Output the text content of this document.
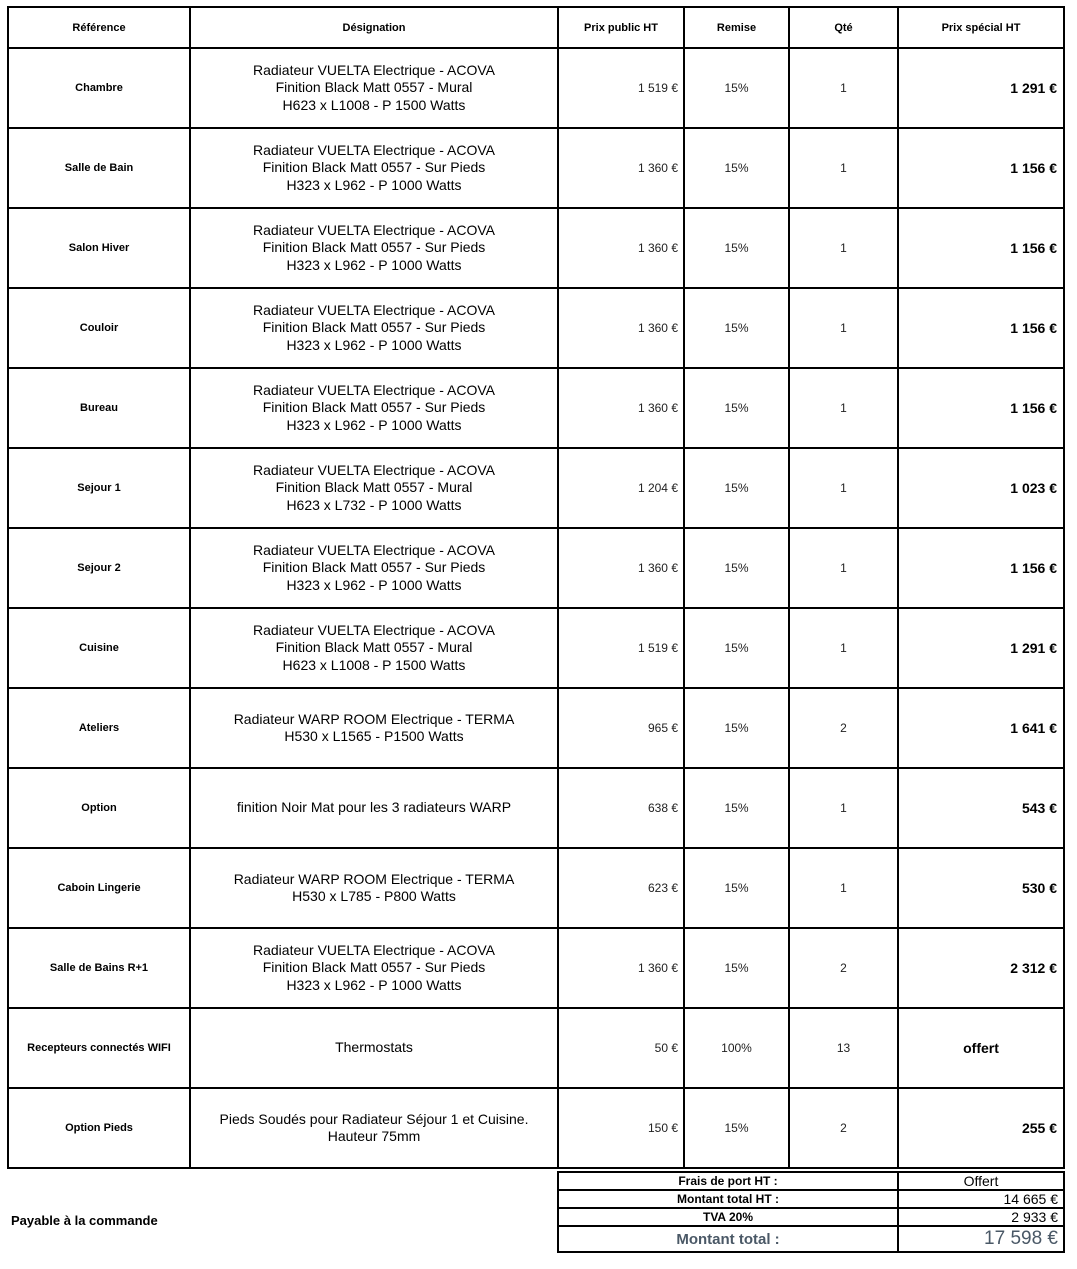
Référence	Désignation	Prix public HT	Remise	Qté	Prix spécial HT
Chambre	Radiateur VUELTA Electrique - ACOVA
Finition Black Matt 0557 - Mural
H623 x L1008 - P 1500 Watts	1 519 €	15%	1	1 291 €
Salle de Bain	Radiateur VUELTA Electrique - ACOVA
Finition Black Matt 0557 - Sur Pieds
H323 x L962 - P 1000 Watts	1 360 €	15%	1	1 156 €
Salon Hiver	Radiateur VUELTA Electrique - ACOVA
Finition Black Matt 0557 - Sur Pieds
H323 x L962 - P 1000 Watts	1 360 €	15%	1	1 156 €
Couloir	Radiateur VUELTA Electrique - ACOVA
Finition Black Matt 0557 - Sur Pieds
H323 x L962 - P 1000 Watts	1 360 €	15%	1	1 156 €
Bureau	Radiateur VUELTA Electrique - ACOVA
Finition Black Matt 0557 - Sur Pieds
H323 x L962 - P 1000 Watts	1 360 €	15%	1	1 156 €
Sejour 1	Radiateur VUELTA Electrique - ACOVA
Finition Black Matt 0557 - Mural
H623 x L732 - P 1000 Watts	1 204 €	15%	1	1 023 €
Sejour 2	Radiateur VUELTA Electrique - ACOVA
Finition Black Matt 0557 - Sur Pieds
H323 x L962 - P 1000 Watts	1 360 €	15%	1	1 156 €
Cuisine	Radiateur VUELTA Electrique - ACOVA
Finition Black Matt 0557 - Mural
H623 x L1008 - P 1500 Watts	1 519 €	15%	1	1 291 €
Ateliers	Radiateur WARP ROOM Electrique - TERMA
H530 x L1565 - P1500 Watts	965 €	15%	2	1 641 €
Option	finition Noir Mat pour les 3 radiateurs WARP	638 €	15%	1	543 €
Caboin Lingerie	Radiateur WARP ROOM Electrique - TERMA
H530 x L785 - P800 Watts	623 €	15%	1	530 €
Salle de Bains R+1	Radiateur VUELTA Electrique - ACOVA
Finition Black Matt 0557 - Sur Pieds
H323 x L962 - P 1000 Watts	1 360 €	15%	2	2 312 €
Recepteurs connectés WIFI	Thermostats	50 €	100%	13	offert
Option Pieds	Pieds Soudés pour Radiateur Séjour 1 et Cuisine.
Hauteur 75mm	150 €	15%	2	255 €
Frais de port HT :	Offert
Montant total HT :	14 665 €
TVA 20%	2 933 €
Montant total :	17 598 €
Payable à la commande
